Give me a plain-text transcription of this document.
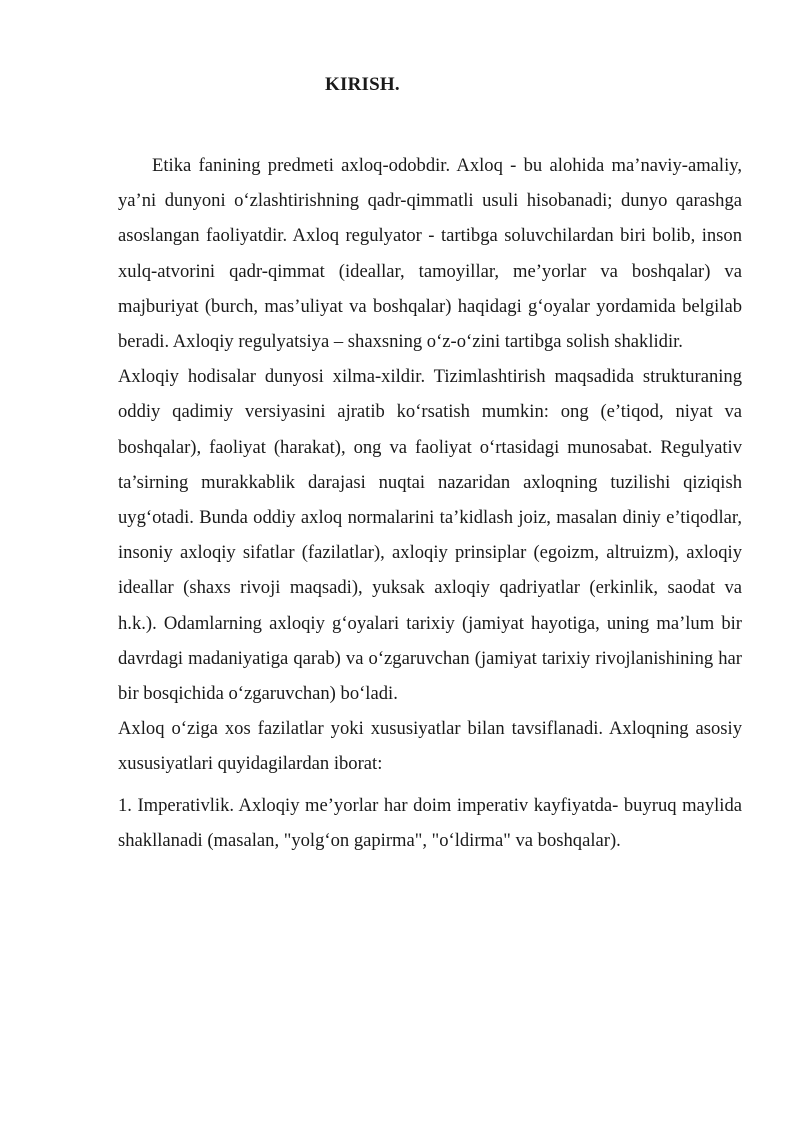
KIRISH.

Etika fanining predmeti axloq-odobdir. Axloq - bu alohida ma’naviy-amaliy, ya’ni dunyoni o‘zlashtirishning qadr-qimmatli usuli hisobanadi; dunyo qarashga asoslangan faoliyatdir. Axloq regulyator - tartibga soluvchilardan biri bolib, inson xulq-atvorini qadr-qimmat (ideallar, tamoyillar, me’yorlar va boshqalar) va majburiyat (burch, mas’uliyat va boshqalar) haqidagi g‘oyalar yordamida belgilab beradi. Axloqiy regulyatsiya – shaxsning o‘z-o‘zini tartibga solish shaklidir.

Axloqiy hodisalar dunyosi xilma-xildir. Tizimlashtirish maqsadida strukturaning oddiy qadimiy versiyasini ajratib ko‘rsatish mumkin: ong (e’tiqod, niyat va boshqalar), faoliyat (harakat), ong va faoliyat o‘rtasidagi munosabat. Regulyativ ta’sirning murakkablik darajasi nuqtai nazaridan axloqning tuzilishi qiziqish uyg‘otadi. Bunda oddiy axloq normalarini ta’kidlash joiz, masalan diniy e’tiqodlar, insoniy axloqiy sifatlar (fazilatlar), axloqiy prinsiplar (egoizm, altruizm), axloqiy ideallar (shaxs rivoji maqsadi), yuksak axloqiy qadriyatlar (erkinlik, saodat va h.k.). Odamlarning axloqiy g‘oyalari tarixiy (jamiyat hayotiga, uning ma’lum bir davrdagi madaniyatiga qarab) va o‘zgaruvchan (jamiyat tarixiy rivojlanishining har bir bosqichida o‘zgaruvchan) bo‘ladi.

Axloq o‘ziga xos fazilatlar yoki xususiyatlar bilan tavsiflanadi. Axloqning asosiy xususiyatlari quyidagilardan iborat:

1. Imperativlik. Axloqiy me’yorlar har doim imperativ kayfiyatda- buyruq maylida shakllanadi (masalan, "yolg‘on gapirma", "o‘ldirma" va boshqalar).
